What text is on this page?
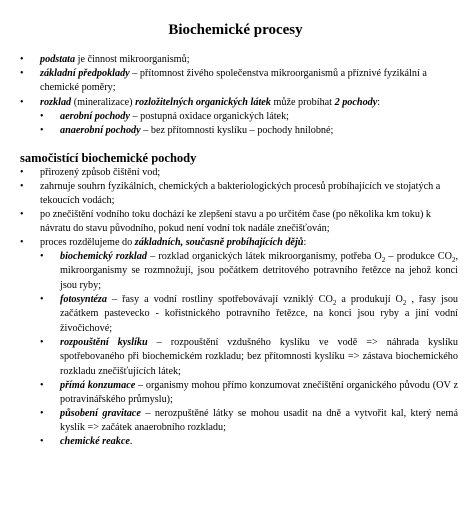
Biochemické procesy
• podstata je činnost mikroorganismů;
• základní předpoklady – přítomnost živého společenstva mikroorganismů a příznivé fyzikální a chemické poměry;
• rozklad (mineralizace) rozložitelných organických látek může probíhat 2 pochody:
• aerobní pochody – postupná oxidace organických látek;
• anaerobní pochody – bez přítomnosti kyslíku – pochody hnilobné;
samočistící biochemické pochody
• přirozený způsob čištění vod;
• zahrnuje souhrn fyzikálních, chemických a bakteriologických procesů probíhajících ve stojatých a tekoucích vodách;
• po znečištění vodního toku dochází ke zlepšení stavu a po určitém čase (po několika km toku) k návratu do stavu původního, pokud není vodní tok nadále znečišťován;
• proces rozdělujeme do základních, současně probíhajících dějů:
• biochemický rozklad – rozklad organických látek mikroorganismy, potřeba $O_2$ – produkce $CO_2$, mikroorganismy se rozmnožují, jsou počátkem detritového potravního řetězce na jehož konci jsou ryby;
• fotosyntéza – řasy a vodní rostliny spotřebovávají vzniklý $CO_2$ a produkují $O_2$ , řasy jsou začátkem pastevecko - kořistnického potravního řetězce, na konci jsou ryby a jiní vodní živočichové;
• rozpouštění kyslíku – rozpouštění vzdušného kyslíku ve vodě => náhrada kyslíku spotřebovaného při biochemickém rozkladu; bez přítomnosti kyslíku => zástava biochemického rozkladu znečišťujících látek;
• přímá konzumace – organismy mohou přímo konzumovat znečištění organického původu (OV z potravinářského průmyslu);
• působení gravitace – nerozpuštěné látky se mohou usadit na dně a vytvořit kal, který nemá kyslík => začátek anaerobního rozkladu;
• chemické reakce.
